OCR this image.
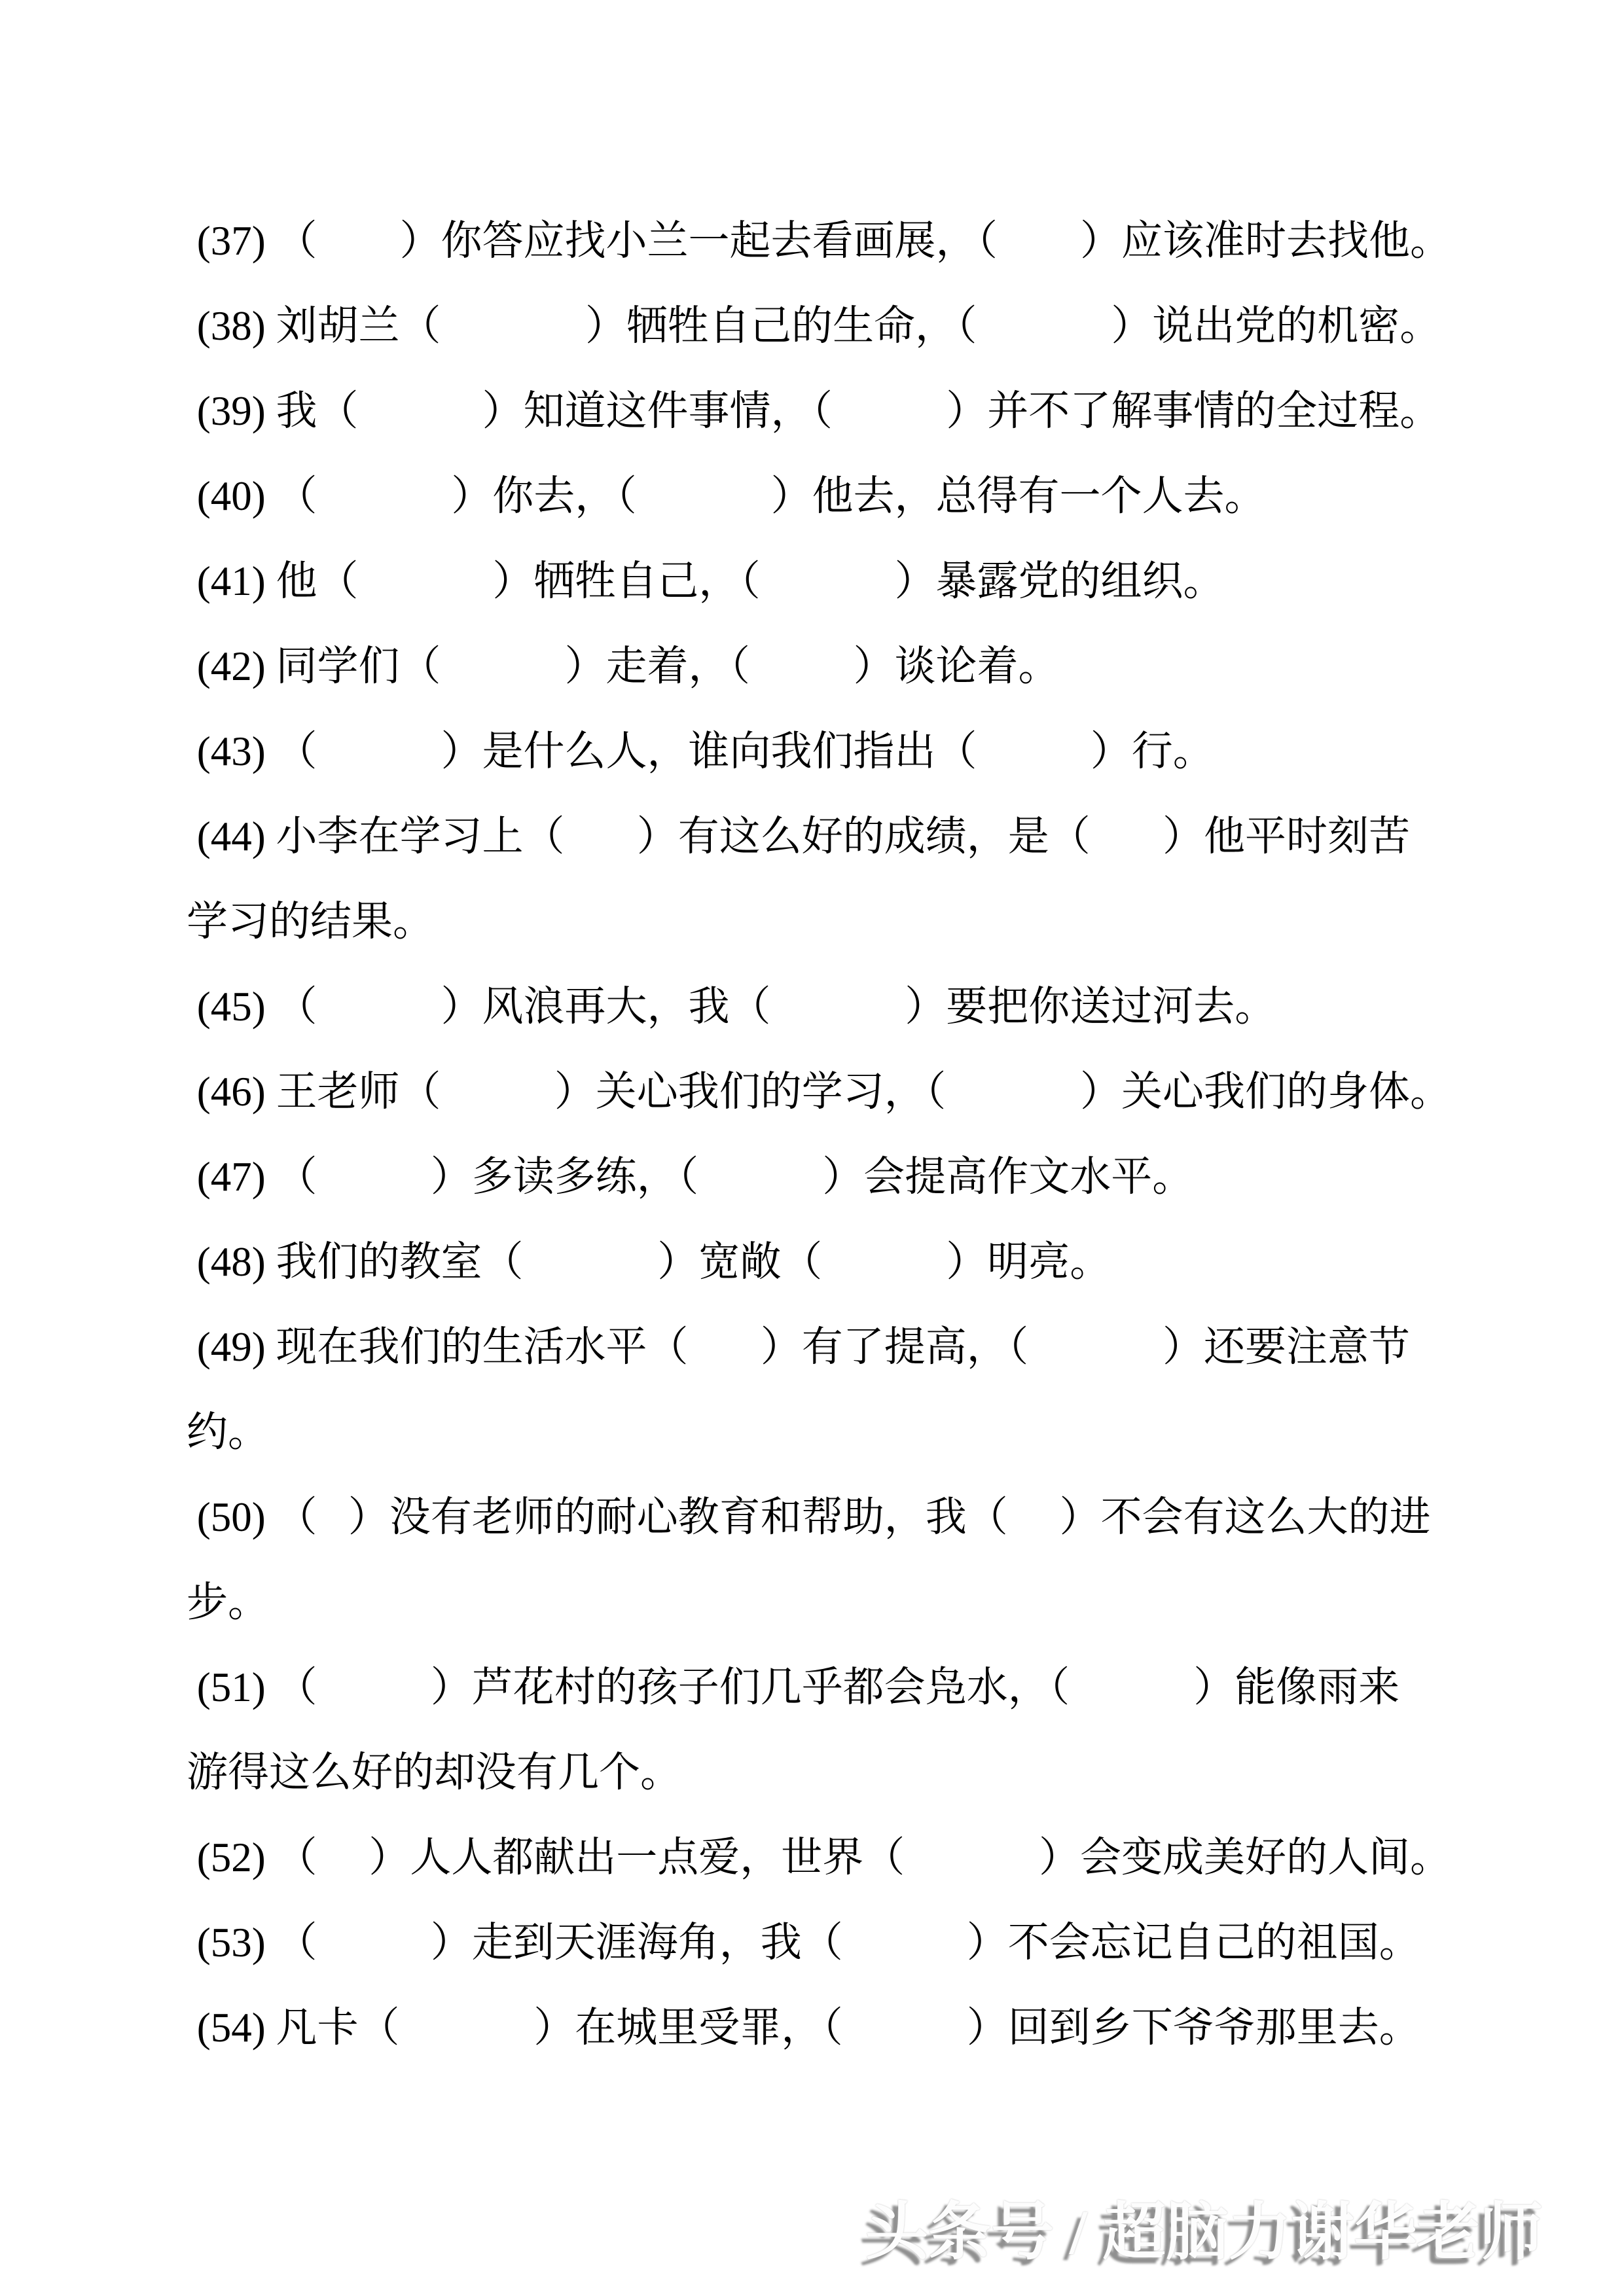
(37) （        ）你答应找小兰一起去看画展，（        ）应该准时去找他。
(38) 刘胡兰（              ）牺牲自己的生命，（             ）说出党的机密。
(39) 我（            ）知道这件事情，（           ）并不了解事情的全过程。
(40) （             ）你去，（             ）他去，总得有一个人去。
(41) 他（             ）牺牲自己，（             ）暴露党的组织。
(42) 同学们（            ）走着，（          ）谈论着。
(43) （            ）是什么人，谁向我们指出（           ）行。
(44) 小李在学习上（       ）有这么好的成绩，是（       ）他平时刻苦
学习的结果。
(45) （            ）风浪再大，我（             ）要把你送过河去。
(46) 王老师（           ）关心我们的学习，（             ）关心我们的身体。
(47) （           ）多读多练，（            ）会提高作文水平。
(48) 我们的教室（             ）宽敞（            ）明亮。
(49) 现在我们的生活水平（       ）有了提高，（             ）还要注意节
约。
(50) （   ）没有老师的耐心教育和帮助，我（     ）不会有这么大的进
步。
(51) （           ）芦花村的孩子们几乎都会凫水，（            ）能像雨来
游得这么好的却没有几个。
(52) （     ）人人都献出一点爱，世界（             ）会变成美好的人间。
(53) （           ）走到天涯海角，我（            ）不会忘记自己的祖国。
(54) 凡卡（             ）在城里受罪，（            ）回到乡下爷爷那里去。
头条号 / 超脑力谢华老师
